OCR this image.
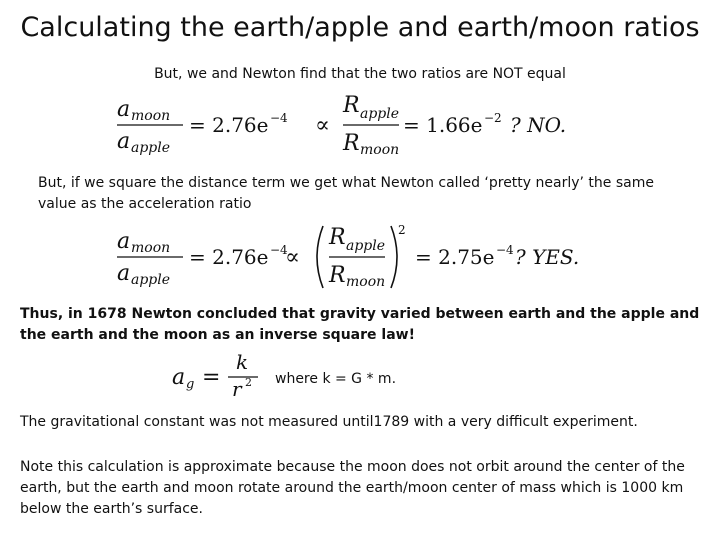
Calculating the earth/apple and earth/moon ratios
But, we and Newton find that the two ratios are NOT equal
a moon
a apple
= 2.76e −4 ∝
R apple
R moon
= 1.66e −2 ? NO.
But, if we square the distance term we get what Newton called ‘pretty nearly’ the same value as the acceleration ratio
a moon
a apple
= 2.76e −4
∝
R apple
R moon
2
= 2.75e −4 ? YES.
Thus, in 1678 Newton concluded that gravity varied between earth and the apple and the earth and the moon as an inverse square law!
a g =
k
r 2 where k = G * m.
The gravitational constant was not measured until1789 with a very difficult experiment.
Note this calculation is approximate because the moon does not orbit around the center of the earth, but the earth and moon rotate around the earth/moon center of mass which is 1000 km below the earth’s surface.
